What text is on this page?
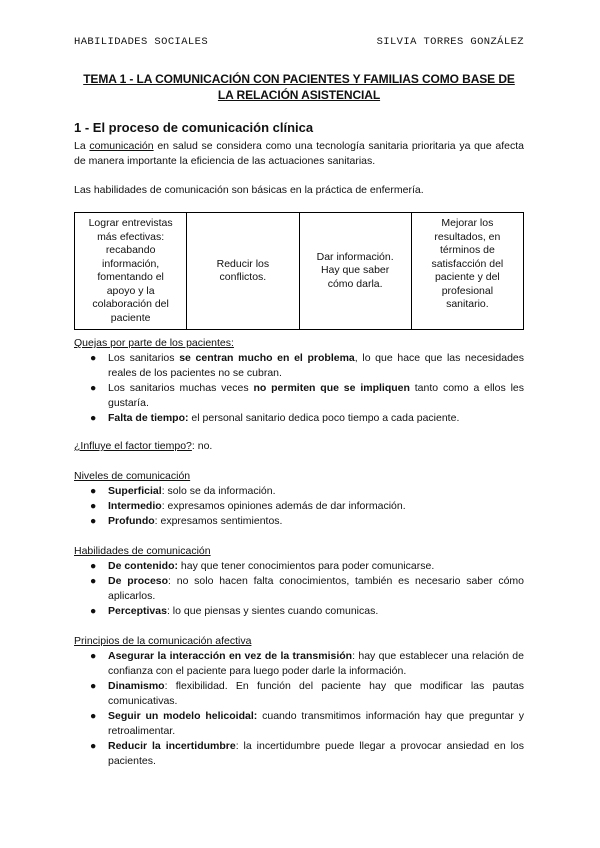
HABILIDADES SOCIALES	SILVIA TORRES GONZÁLEZ
TEMA 1 - LA COMUNICACIÓN CON PACIENTES Y FAMILIAS COMO BASE DE
LA RELACIÓN ASISTENCIAL
1 - El proceso de comunicación clínica

La comunicación en salud se considera como una tecnología sanitaria prioritaria ya que afecta de manera importante la eficiencia de las actuaciones sanitarias.

Las habilidades de comunicación son básicas en la práctica de enfermería.

Lograr entrevistas más efectivas: recabando información, fomentando el apoyo y la colaboración del paciente	Reducir los conflictos.	Dar información. Hay que saber cómo darla.	Mejorar los resultados, en términos de satisfacción del paciente y del profesional sanitario.
Quejas por parte de los pacientes:
● Los sanitarios se centran mucho en el problema, lo que hace que las necesidades reales de los pacientes no se cubran.
● Los sanitarios muchas veces no permiten que se impliquen tanto como a ellos les gustaría.
● Falta de tiempo: el personal sanitario dedica poco tiempo a cada paciente.

¿Influye el factor tiempo?: no.

Niveles de comunicación
● Superficial: solo se da información.
● Intermedio: expresamos opiniones además de dar información.
● Profundo: expresamos sentimientos.
Habilidades de comunicación
● De contenido: hay que tener conocimientos para poder comunicarse.
● De proceso: no solo hacen falta conocimientos, también es necesario saber cómo aplicarlos.
● Perceptivas: lo que piensas y sientes cuando comunicas.
Principios de la comunicación afectiva
● Asegurar la interacción en vez de la transmisión: hay que establecer una relación de confianza con el paciente para luego poder darle la información.
● Dinamismo: flexibilidad. En función del paciente hay que modificar las pautas comunicativas.
● Seguir un modelo helicoidal: cuando transmitimos información hay que preguntar y retroalimentar.
● Reducir la incertidumbre: la incertidumbre puede llegar a provocar ansiedad en los pacientes.
